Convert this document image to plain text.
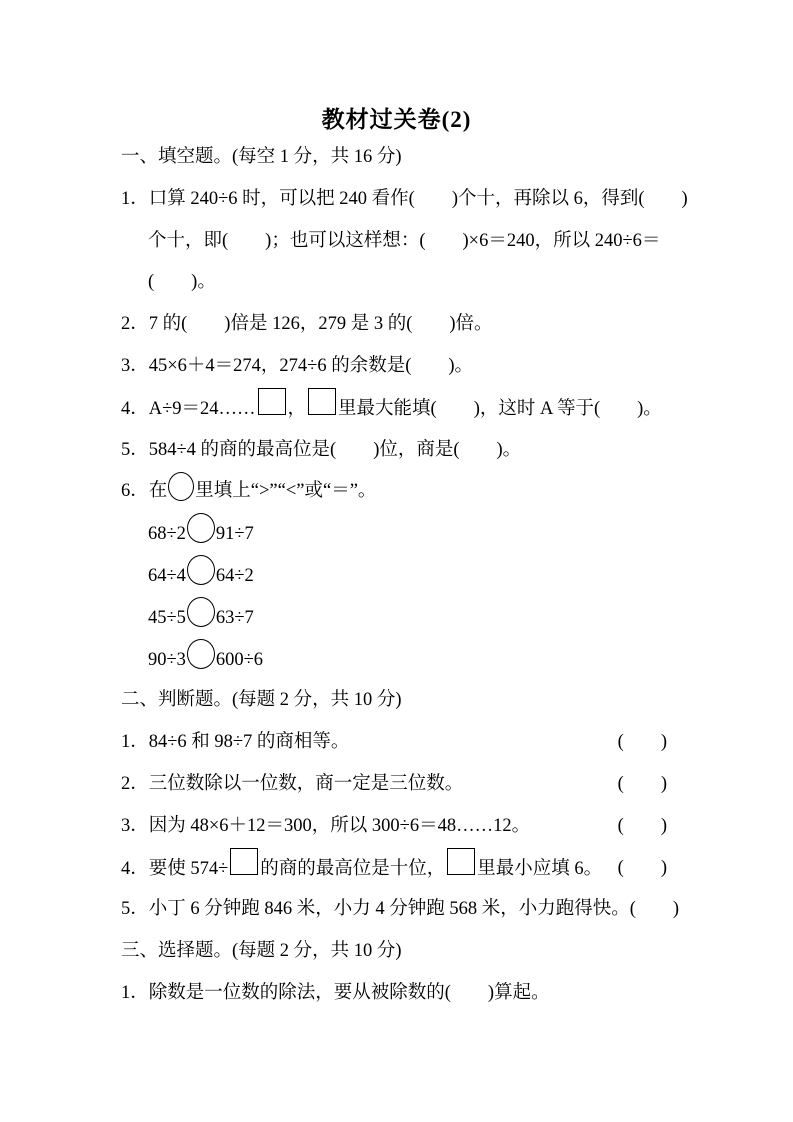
教材过关卷(2)
一、填空题。(每空 1 分，共 16 分)
1．口算 240÷6 时，可以把 240 看作(　　)个十，再除以 6，得到(　　)
个十，即(　　)；也可以这样想：(　　)×6＝240，所以 240÷6＝
(　　)。
2．7 的(　　)倍是 126，279 是 3 的(　　)倍。
3．45×6＋4＝274，274÷6 的余数是(　　)。
4．A÷9＝24…… ， 里最大能填(　　)，这时 A 等于(　　)。
5．584÷4 的商的最高位是(　　)位，商是(　　)。
6．在 里填上“>”“<”或“＝”。
68÷2 91÷7
64÷4 64÷2
45÷5 63÷7
90÷3 600÷6
二、判断题。(每题 2 分，共 10 分)
1．84÷6 和 98÷7 的商相等。	(　　)
2．三位数除以一位数，商一定是三位数。	(　　)
3．因为 48×6＋12＝300，所以 300÷6＝48……12。	(　　)
4．要使 574÷ 的商的最高位是十位， 里最小应填 6。 (　　)
5．小丁 6 分钟跑 846 米，小力 4 分钟跑 568 米，小力跑得快。 (　　)
三、选择题。(每题 2 分，共 10 分)
1．除数是一位数的除法，要从被除数的(　　)算起。
